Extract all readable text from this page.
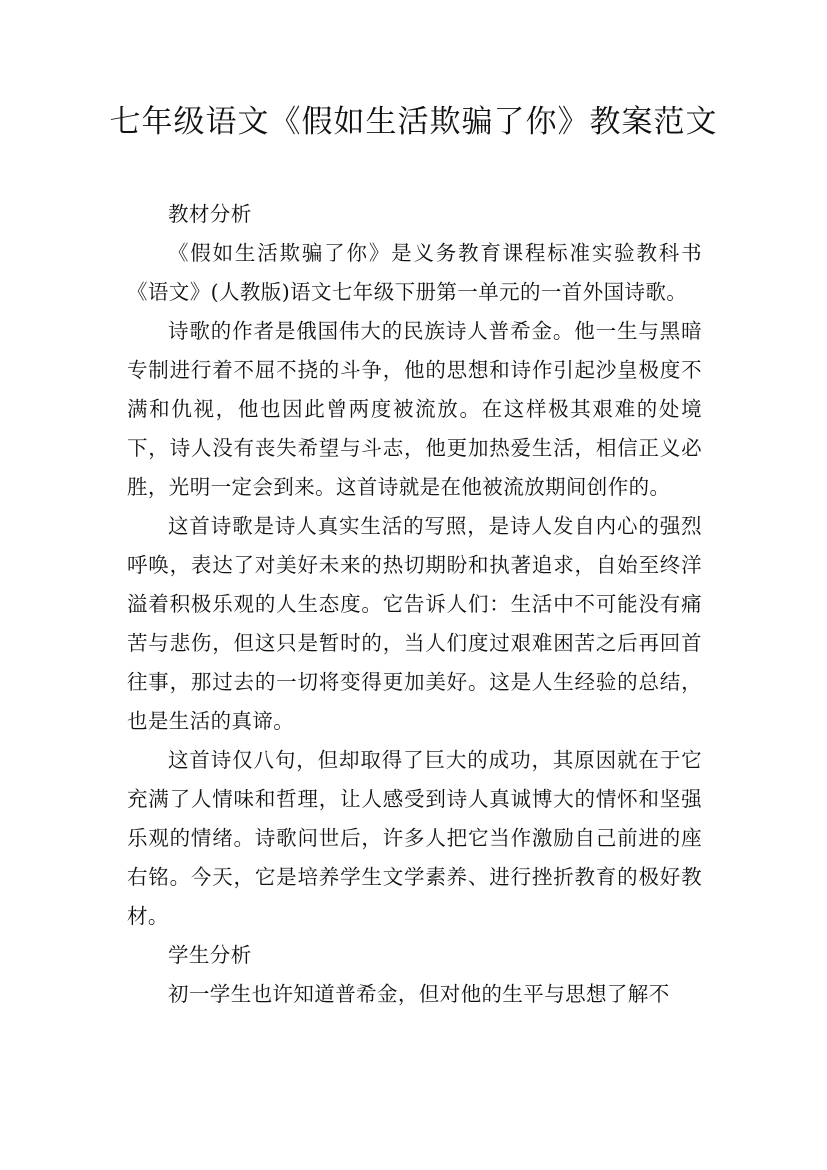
七年级语文《假如生活欺骗了你》教案范文

教材分析

《假如生活欺骗了你》是义务教育课程标准实验教科书《语文》(人教版)语文七年级下册第一单元的一首外国诗歌。

诗歌的作者是俄国伟大的民族诗人普希金。他一生与黑暗专制进行着不屈不挠的斗争，他的思想和诗作引起沙皇极度不满和仇视，他也因此曾两度被流放。在这样极其艰难的处境下，诗人没有丧失希望与斗志，他更加热爱生活，相信正义必胜，光明一定会到来。这首诗就是在他被流放期间创作的。

这首诗歌是诗人真实生活的写照，是诗人发自内心的强烈呼唤，表达了对美好未来的热切期盼和执著追求，自始至终洋溢着积极乐观的人生态度。它告诉人们：生活中不可能没有痛苦与悲伤，但这只是暂时的，当人们度过艰难困苦之后再回首往事，那过去的一切将变得更加美好。这是人生经验的总结，也是生活的真谛。

这首诗仅八句，但却取得了巨大的成功，其原因就在于它充满了人情味和哲理，让人感受到诗人真诚博大的情怀和坚强乐观的情绪。诗歌问世后，许多人把它当作激励自己前进的座右铭。今天，它是培养学生文学素养、进行挫折教育的极好教材。

学生分析

初一学生也许知道普希金，但对他的生平与思想了解不
